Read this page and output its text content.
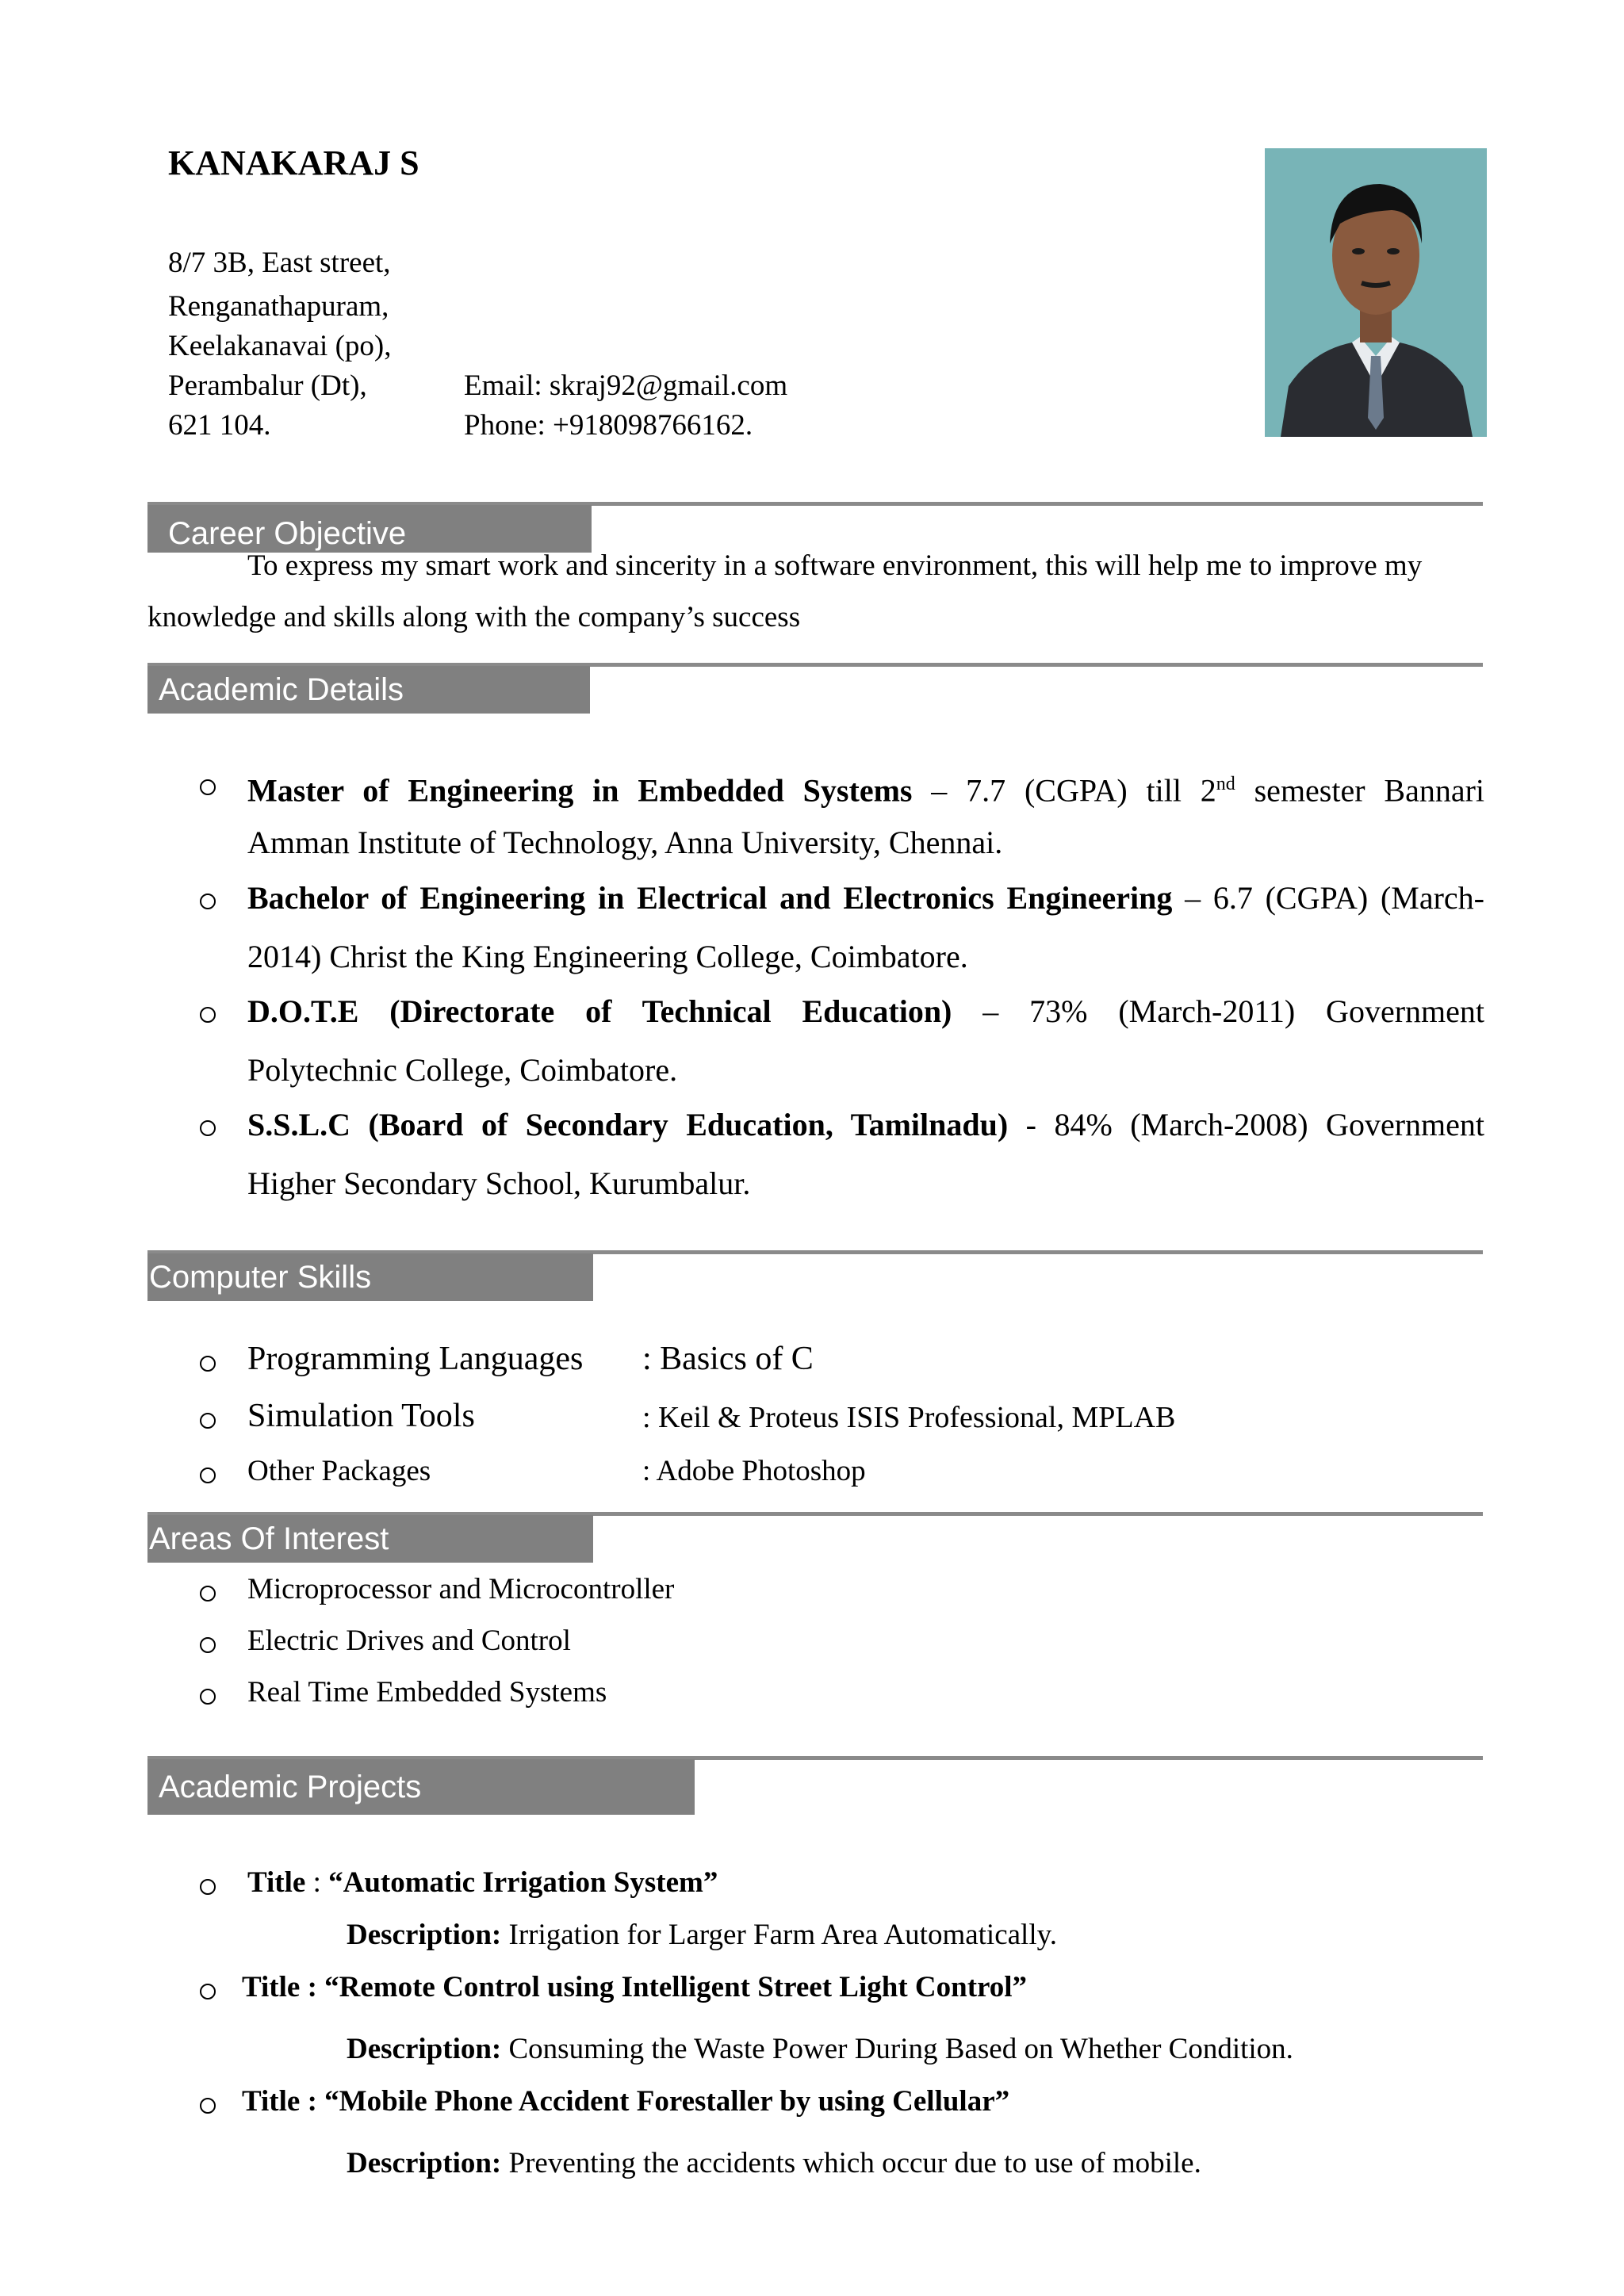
KANAKARAJ S
8/7 3B, East street,
Renganathapuram,
Keelakanavai (po),
Perambalur (Dt),
621 104.
Email: skraj92@gmail.com
Phone: +918098766162.
Career Objective
To express my smart work and sincerity in a software environment, this will help me to improve my
knowledge and skills along with the company’s success
Academic Details
Master of Engineering in Embedded Systems – 7.7 (CGPA) till 2nd semester Bannari
Amman Institute of Technology, Anna University, Chennai.
Bachelor of Engineering in Electrical and Electronics Engineering – 6.7 (CGPA) (March-
2014) Christ the King Engineering College, Coimbatore.
D.O.T.E (Directorate of Technical Education) – 73% (March-2011) Government
Polytechnic College, Coimbatore.
S.S.L.C (Board of Secondary Education, Tamilnadu) - 84% (March-2008) Government
Higher Secondary School, Kurumbalur.
Computer Skills
Programming Languages : Basics of C
Simulation Tools	: Keil & Proteus ISIS Professional, MPLAB
Other Packages	: Adobe Photoshop
Areas Of Interest
Microprocessor and Microcontroller
Electric Drives and Control
Real Time Embedded Systems
Academic Projects
Title : “Automatic Irrigation System”
Description: Irrigation for Larger Farm Area Automatically.
Title : “Remote Control using Intelligent Street Light Control”
Description: Consuming the Waste Power During Based on Whether Condition.
Title : “Mobile Phone Accident Forestaller by using Cellular”
Description: Preventing the accidents which occur due to use of mobile.
